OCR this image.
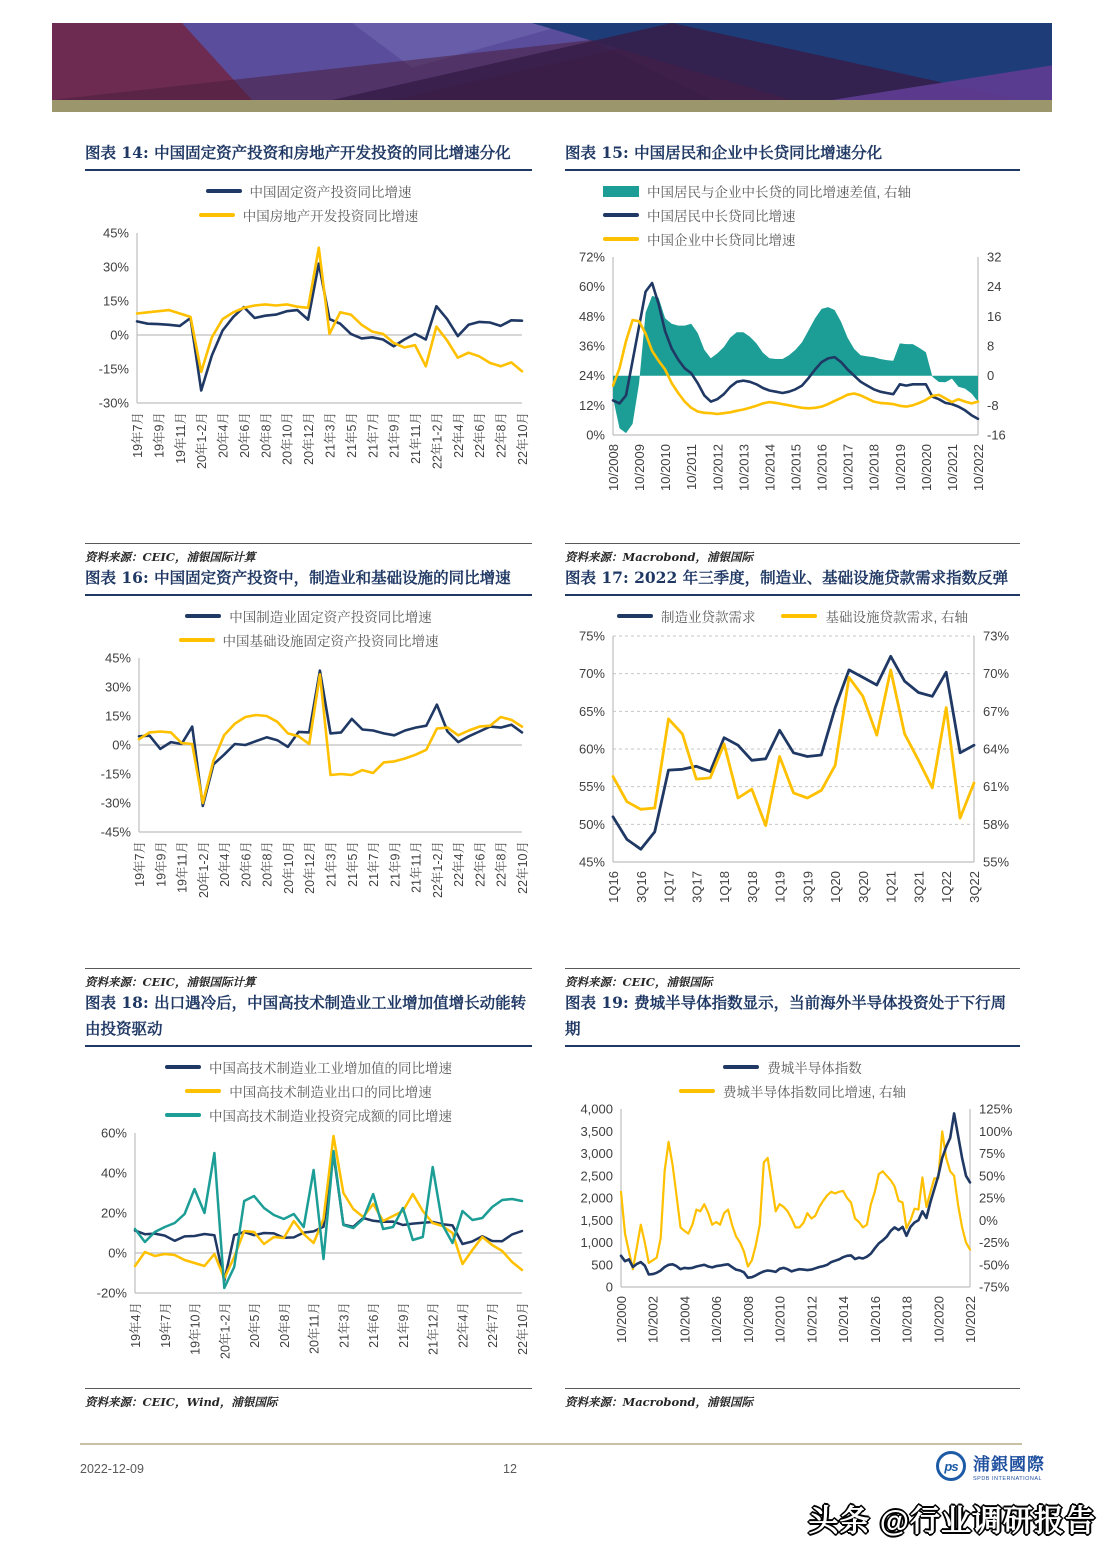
图表 14: 中国固定资产投资和房地产开发投资的同比增速分化
中国固定资产投资同比增速
中国房地产开发投资同比增速
45%
30%
15%
0%
-15%
-30%
19年7月 19年9月 19年11月 20年1-2月 20年4月 20年6月 20年8月 20年10月 20年12月 21年3月 21年5月 21年7月 21年9月 21年11月 22年1-2月 22年4月 22年6月 22年8月 22年10月
资料来源：CEIC，浦银国际计算
图表 15: 中国居民和企业中长贷同比增速分化
中国居民与企业中长贷的同比增速差值, 右轴
中国居民中长贷同比增速
中国企业中长贷同比增速
72%	32
60%	24
48%	16
36%	8
24%	0
12%	-8
0%	-16
10/2008 10/2009 10/2010 10/2011 10/2012 10/2013 10/2014 10/2015 10/2016 10/2017 10/2018 10/2019 10/2020 10/2021 10/2022
资料来源：Macrobond，浦银国际
图表 16: 中国固定资产投资中，制造业和基础设施的同比增速
中国制造业固定资产投资同比增速
中国基础设施固定资产投资同比增速
45%
30%
15%
0%
-15%
-30%
-45%
19年7月 19年9月 19年11月 20年1-2月 20年4月 20年6月 20年8月 20年10月 20年12月 21年3月 21年5月 21年7月 21年9月 21年11月 22年1-2月 22年4月 22年6月 22年8月 22年10月
资料来源：CEIC，浦银国际计算
图表 17: 2022 年三季度，制造业、基础设施贷款需求指数反弹
制造业贷款需求	基础设施贷款需求, 右轴
75%	73%
70%	70%
65%	67%
60%	64%
55%	61%
50%	58%
45%	55%
1Q16 3Q16 1Q17 3Q17 1Q18 3Q18 1Q19 3Q19 1Q20 3Q20 1Q21 3Q21 1Q22 3Q22
资料来源：CEIC，浦银国际
图表 18: 出口遇冷后，中国高技术制造业工业增加值增长动能转由投资驱动
中国高技术制造业工业增加值的同比增速
中国高技术制造业出口的同比增速
中国高技术制造业投资完成额的同比增速
60%
40%
20%
0%
-20%
19年4月 19年7月 19年10月 20年1-2月 20年5月 20年8月 20年11月 21年3月 21年6月 21年9月 21年12月 22年4月 22年7月 22年10月
资料来源：CEIC，Wind，浦银国际
图表 19: 费城半导体指数显示，当前海外半导体投资处于下行周期
费城半导体指数
费城半导体指数同比增速, 右轴
4,000	125%
3,500	100%
3,000	75%
2,500	50%
2,000	25%
1,500	0%
1,000	-25%
500	-50%
0	-75%
10/2000 10/2002 10/2004 10/2006 10/2008 10/2010 10/2012 10/2014 10/2016 10/2018 10/2020 10/2022
资料来源：Macrobond，浦银国际
2022-12-09	12	ps 浦銀國際
SPDB INTERNATIONAL
头条 @行业调研报告
